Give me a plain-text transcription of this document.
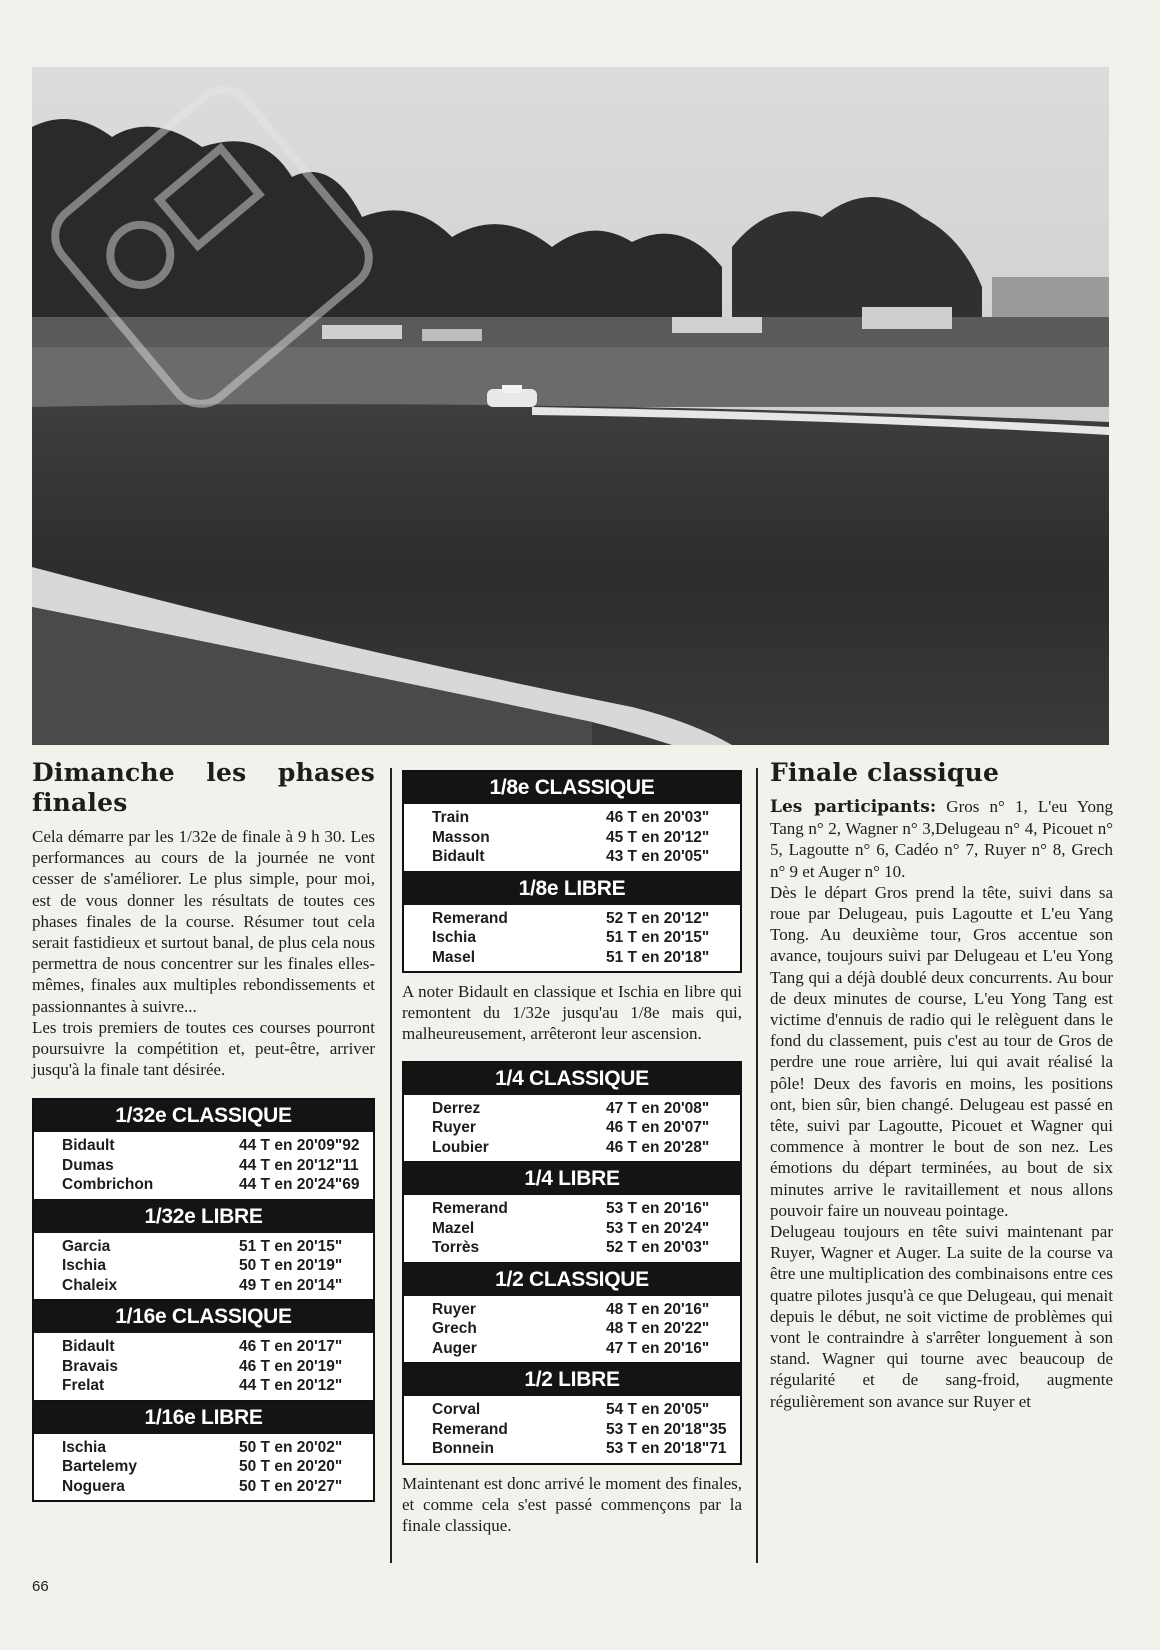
Dimanche les phases finales

Cela démarre par les 1/32e de finale à 9 h 30. Les performances au cours de la journée ne vont cesser de s'améliorer. Le plus simple, pour moi, est de vous donner les résultats de toutes ces phases finales de la course. Résumer tout cela serait fastidieux et surtout banal, de plus cela nous permettra de nous concentrer sur les finales elles-mêmes, finales aux multiples rebondissements et passionnantes à suivre...

Les trois premiers de toutes ces courses pourront poursuivre la compétition et, peut-être, arriver jusqu'à la finale tant désirée.

1/32e CLASSIQUE
Bidault	44 T en 20'09"92
Dumas	44 T en 20'12"11
Combrichon	44 T en 20'24"69
1/32e LIBRE
Garcia	51 T en 20'15"
Ischia	50 T en 20'19"
Chaleix	49 T en 20'14"
1/16e CLASSIQUE
Bidault	46 T en 20'17"
Bravais	46 T en 20'19"
Frelat	44 T en 20'12"
1/16e LIBRE
Ischia	50 T en 20'02"
Bartelemy	50 T en 20'20"
Noguera	50 T en 20'27"
1/8e CLASSIQUE
Train	46 T en 20'03"
Masson	45 T en 20'12"
Bidault	43 T en 20'05"
1/8e LIBRE
Remerand	52 T en 20'12"
Ischia	51 T en 20'15"
Masel	51 T en 20'18"

A noter Bidault en classique et Ischia en libre qui remontent du 1/32e jusqu'au 1/8e mais qui, malheureusement, arrêteront leur ascension.

1/4 CLASSIQUE
Derrez	47 T en 20'08"
Ruyer	46 T en 20'07"
Loubier	46 T en 20'28"
1/4 LIBRE
Remerand	53 T en 20'16"
Mazel	53 T en 20'24"
Torrès	52 T en 20'03"
1/2 CLASSIQUE
Ruyer	48 T en 20'16"
Grech	48 T en 20'22"
Auger	47 T en 20'16"
1/2 LIBRE
Corval	54 T en 20'05"
Remerand	53 T en 20'18"35
Bonnein	53 T en 20'18"71

Maintenant est donc arrivé le moment des finales, et comme cela s'est passé commençons par la finale classique.

Finale classique

Les participants: Gros n° 1, L'eu Yong Tang n° 2, Wagner n° 3,Delugeau n° 4, Picouet n° 5, Lagoutte n° 6, Cadéo n° 7, Ruyer n° 8, Grech n° 9 et Auger n° 10.

Dès le départ Gros prend la tête, suivi dans sa roue par Delugeau, puis Lagoutte et L'eu Yang Tong. Au deuxième tour, Gros accentue son avance, toujours suivi par Delugeau et L'eu Yong Tang qui a déjà doublé deux concurrents. Au bour de deux minutes de course, L'eu Yong Tang est victime d'ennuis de radio qui le relèguent dans le fond du classement, puis c'est au tour de Gros de perdre une roue arrière, lui qui avait réalisé la pôle! Deux des favoris en moins, les positions ont, bien sûr, bien changé. Delugeau est passé en tête, suivi par Lagoutte, Picouet et Wagner qui commence à montrer le bout de son nez. Les émotions du départ terminées, au bout de six minutes arrive le ravitaillement et nous allons pouvoir faire un nouveau pointage.

Delugeau toujours en tête suivi maintenant par Ruyer, Wagner et Auger. La suite de la course va être une multiplication des combinaisons entre ces quatre pilotes jusqu'à ce que Delugeau, qui menait depuis le début, ne soit victime de problèmes qui vont le contraindre à s'arrêter longuement à son stand. Wagner qui tourne avec beaucoup de régularité et de sang-froid, augmente régulièrement son avance sur Ruyer et

66
